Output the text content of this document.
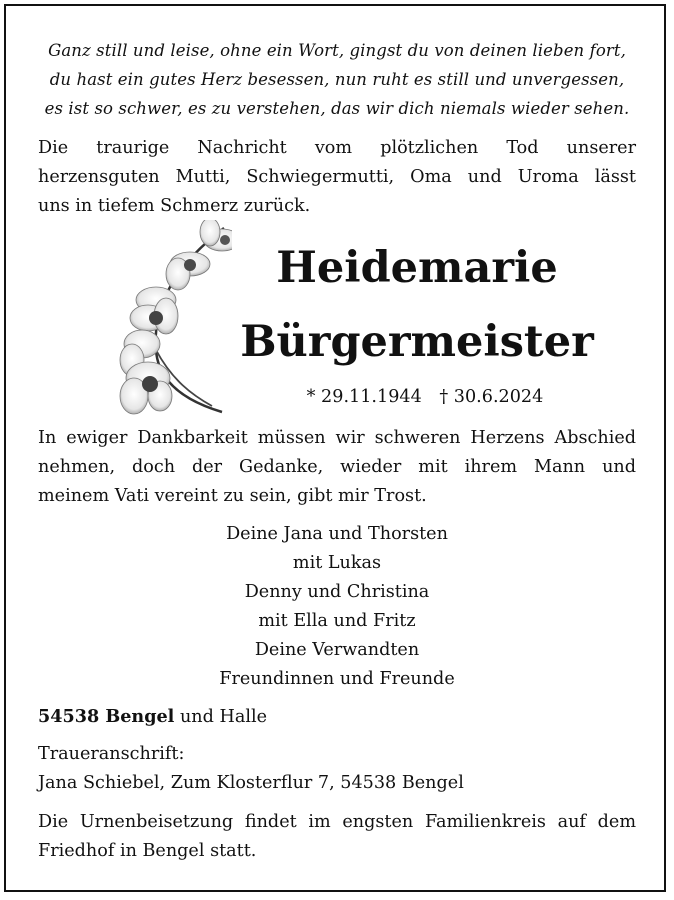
Ganz still und leise, ohne ein Wort, gingst du von deinen lieben fort,
du hast ein gutes Herz besessen, nun ruht es still und unvergessen,
es ist so schwer, es zu verstehen, das wir dich niemals wieder sehen.
Die traurige Nachricht vom plötzlichen Tod unserer
herzensguten Mutti, Schwiegermutti, Oma und Uroma lässt
uns in tiefem Schmerz zurück.
Heidemarie
Bürgermeister
* 29.11.1944 † 30.6.2024
In ewiger Dankbarkeit müssen wir schweren Herzens Abschied
nehmen, doch der Gedanke, wieder mit ihrem Mann und
meinem Vati vereint zu sein, gibt mir Trost.
Deine Jana und Thorsten
mit Lukas
Denny und Christina
mit Ella und Fritz
Deine Verwandten
Freundinnen und Freunde
54538 Bengel und Halle
Traueranschrift:
Jana Schiebel, Zum Klosterflur 7, 54538 Bengel
Die Urnenbeisetzung findet im engsten Familienkreis auf dem
Friedhof in Bengel statt.
